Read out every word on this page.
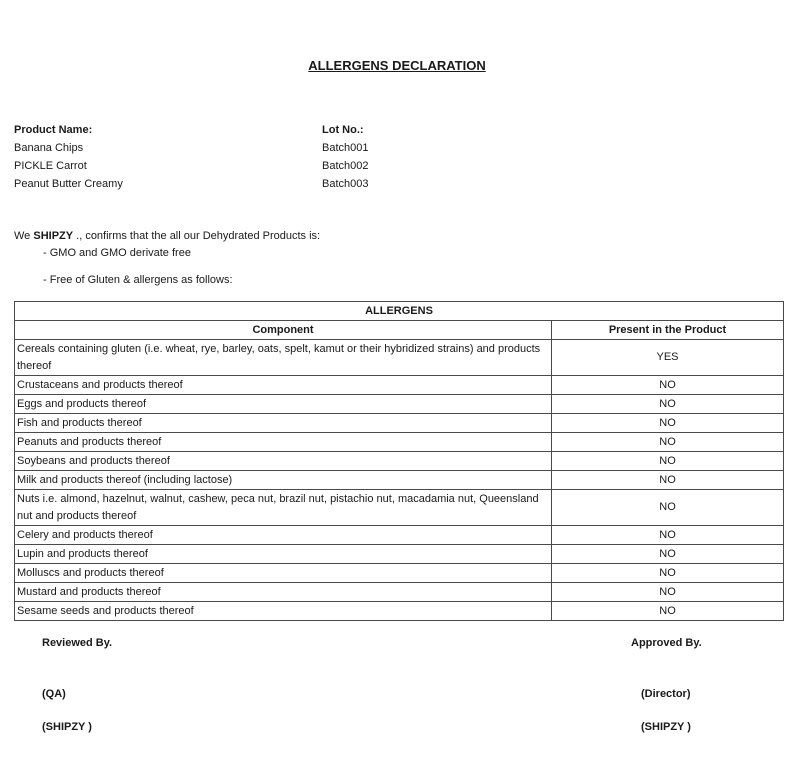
ALLERGENS DECLARATION
Product Name:	Lot No.:
Banana Chips	Batch001
PICKLE Carrot	Batch002
Peanut Butter Creamy	Batch003
We SHIPZY ., confirms that the all our Dehydrated Products is:
- GMO and GMO derivate free
- Free of Gluten & allergens as follows:
ALLERGENS	
Component	Present in the Product
Cereals containing gluten (i.e. wheat, rye, barley, oats, spelt, kamut or their hybridized strains) and products thereof	YES
Crustaceans and products thereof	NO
Eggs and products thereof	NO
Fish and products thereof	NO
Peanuts and products thereof	NO
Soybeans and products thereof	NO
Milk and products thereof (including lactose)	NO
Nuts i.e. almond, hazelnut, walnut, cashew, peca nut, brazil nut, pistachio nut, macadamia nut, Queensland nut and products thereof	NO
Celery and products thereof	NO
Lupin and products thereof	NO
Molluscs and products thereof	NO
Mustard and products thereof	NO
Sesame seeds and products thereof	NO
Reviewed By.	Approved By.
(QA)	(Director)
(SHIPZY )	(SHIPZY )
